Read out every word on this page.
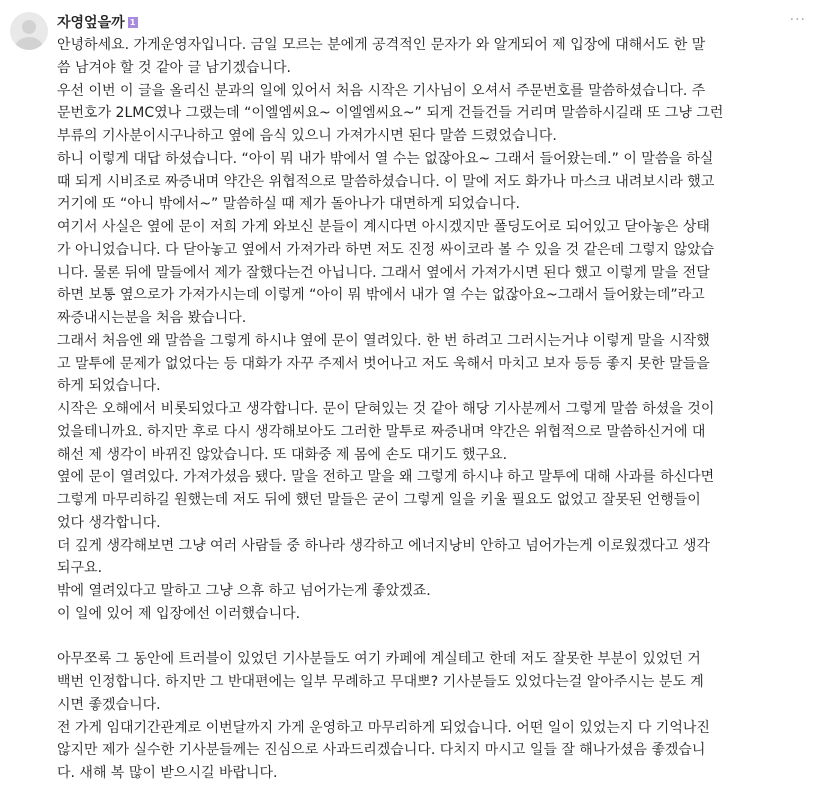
자영엎을까 1	···
안녕하세요. 가게운영자입니다. 금일 모르는 분에게 공격적인 문자가 와 알게되어 제 입장에 대해서도 한 말
씀 남겨야 할 것 같아 글 남기겠습니다.
우선 이번 이 글을 올리신 분과의 일에 있어서 처음 시작은 기사님이 오셔서 주문번호를 말씀하셨습니다. 주
문번호가 2LMC였나 그랬는데 “이엘엠씨요~ 이엘엠씨요~” 되게 건들건들 거리며 말씀하시길래 또 그냥 그런
부류의 기사분이시구나하고 옆에 음식 있으니 가져가시면 된다 말씀 드렸었습니다.
하니 이렇게 대답 하셨습니다. “아이 뭐 내가 밖에서 열 수는 없잖아요~ 그래서 들어왔는데.” 이 말씀을 하실
때 되게 시비조로 짜증내며 약간은 위협적으로 말씀하셨습니다. 이 말에 저도 화가나 마스크 내려보시라 했고
거기에 또 “아니 밖에서~” 말씀하실 때 제가 돌아나가 대면하게 되었습니다.
여기서 사실은 옆에 문이 저희 가게 와보신 분들이 계시다면 아시겠지만 폴딩도어로 되어있고 닫아놓은 상태
가 아니었습니다. 다 닫아놓고 옆에서 가져가라 하면 저도 진정 싸이코라 볼 수 있을 것 같은데 그렇지 않았습
니다. 물론 뒤에 말들에서 제가 잘했다는건 아닙니다. 그래서 옆에서 가져가시면 된다 했고 이렇게 말을 전달
하면 보통 옆으로가 가져가시는데 이렇게 “아이 뭐 밖에서 내가 열 수는 없잖아요~그래서 들어왔는데”라고
짜증내시는분을 처음 봤습니다.
그래서 처음엔 왜 말씀을 그렇게 하시냐 옆에 문이 열려있다. 한 번 하려고 그러시는거냐 이렇게 말을 시작했
고 말투에 문제가 없었다는 등 대화가 자꾸 주제서 벗어나고 저도 욱해서 마치고 보자 등등 좋지 못한 말들을
하게 되었습니다.
시작은 오해에서 비롯되었다고 생각합니다. 문이 닫혀있는 것 같아 해당 기사분께서 그렇게 말씀 하셨을 것이
었을테니까요. 하지만 후로 다시 생각해보아도 그러한 말투로 짜증내며 약간은 위협적으로 말씀하신거에 대
해선 제 생각이 바뀌진 않았습니다. 또 대화중 제 몸에 손도 대기도 했구요.
옆에 문이 열려있다. 가져가셨음 됐다. 말을 전하고 말을 왜 그렇게 하시냐 하고 말투에 대해 사과를 하신다면
그렇게 마무리하길 원했는데 저도 뒤에 했던 말들은 굳이 그렇게 일을 키울 필요도 없었고 잘못된 언행들이
었다 생각합니다.
더 깊게 생각해보면 그냥 여러 사람들 중 하나라 생각하고 에너지낭비 안하고 넘어가는게 이로웠겠다고 생각
되구요.
밖에 열려있다고 말하고 그냥 으휴 하고 넘어가는게 좋았겠죠.
이 일에 있어 제 입장에선 이러했습니다.
아무쪼록 그 동안에 트러블이 있었던 기사분들도 여기 카페에 계실테고 한데 저도 잘못한 부분이 있었던 거
백번 인정합니다. 하지만 그 반대편에는 일부 무례하고 무대뽀? 기사분들도 있었다는걸 알아주시는 분도 계
시면 좋겠습니다.
전 가게 임대기간관계로 이번달까지 가게 운영하고 마무리하게 되었습니다. 어떤 일이 있었는지 다 기억나진
않지만 제가 실수한 기사분들께는 진심으로 사과드리겠습니다. 다치지 마시고 일들 잘 해나가셨음 좋겠습니
다. 새해 복 많이 받으시길 바랍니다.
